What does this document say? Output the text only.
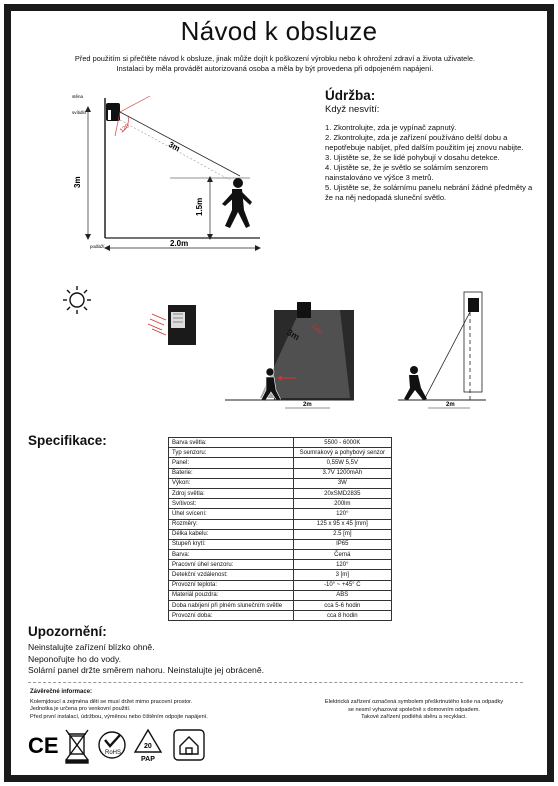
Návod k obsluze
Před použitím si přečtěte návod k obsluze, jinak může dojít k poškození výrobku nebo k ohrožení zdraví a života uživatele.
Instalaci by měla provádět autorizovaná osoba a měla by být provedena při odpojeném napájení.
120
3m
3m
1.5m
2.0m
stěna
svítidlo
podlaží
Údržba:
Když nesvítí:
1. Zkontrolujte, zda je vypínač zapnutý.
2. Zkontrolujte, zda je zařízení používáno delší dobu a nepotřebuje nabíjet, před dalším použitím jej znovu nabijte.
3. Ujistěte se, že se lidé pohybují v dosahu detekce.
4. Ujistěte se, že je světlo se solárním senzorem nainstalováno ve výšce 3 metrů.
5. Ujistěte se, že solárnímu panelu nebrání žádné předměty a že na něj nedopadá sluneční světlo.
3m 120°
2m	2m
Specifikace:	Barva světla:	5500 - 6000K
Typ senzoru:	Soumrakový a pohybový senzor
Panel:	0,55W 5,5V
Baterie:	3.7V 1200mAh
Výkon:	3W
Zdroj světla:	20xSMD2835
Svítivost:	200lm
Úhel svícení:	120°
Rozměry:	125 x 95 x 45 [mm]
Délka kabelu:	2.5 [m]
Stupeň krytí:	IP65
Barva:	Černá
Pracovní úhel senzoru:	120°
Detekční vzdálenost:	3 [m]
Provozní teplota:	-10° ~ +45° C
Materiál pouzdra:	ABS
Doba nabíjení při plném slunečním světle	cca 5-6 hodin
Provozní doba:	cca 8 hodin
Upozornění:

Neinstalujte zařízení blízko ohně.

Neponořujte ho do vody.

Solární panel držte směrem nahoru. Neinstalujte jej obráceně.

Závěrečné informace:
Kolemjdoucí a zejména děti se musí držet mimo pracovní prostor.
Jednotka je určena pro venkovní použití.
Před první instalací, údržbou, výměnou nebo čištěním odpojte napájení.
Elektrická zařízení označená symbolem přeškrtnutého koše na odpadky
se nesmí vyhazovat společně s domovním odpadem.
Takové zařízení podléhá sběru a recyklaci.
CE	RoHS
20
PAP
